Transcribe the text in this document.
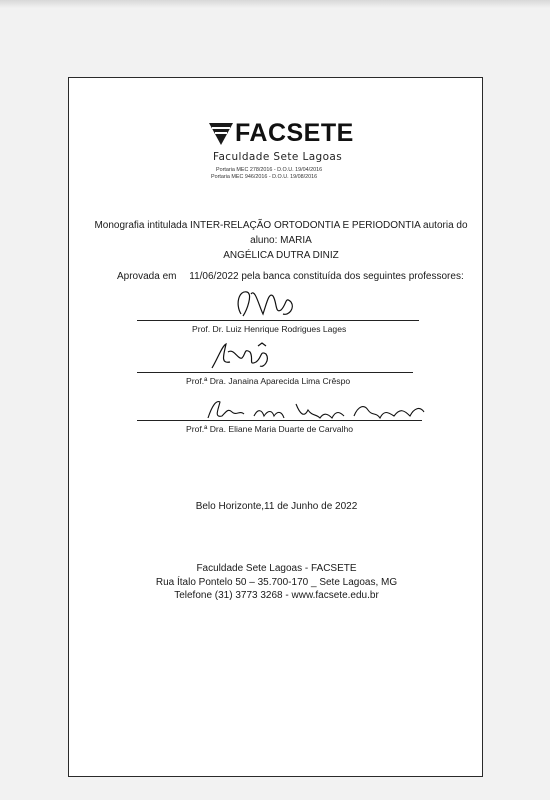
FACSETE
Faculdade Sete Lagoas
Portaria MEC 278/2016 - D.O.U. 19/04/2016
Portaria MEC 946/2016 - D.O.U. 19/08/2016
Monografia intitulada INTER-RELAÇÃO ORTODONTIA E PERIODONTIA autoria do aluno: MARIA
ANGÉLICA DUTRA DINIZ
Aprovada em 11/06/2022 pela banca constituída dos seguintes professores:
Prof. Dr. Luiz Henrique Rodrigues Lages
Prof.ª Dra. Janaina Aparecida Lima Crêspo
Prof.ª Dra. Eliane Maria Duarte de Carvalho
Belo Horizonte,11 de Junho de 2022
Faculdade Sete Lagoas - FACSETE
Rua Ítalo Pontelo 50 – 35.700-170 _ Sete Lagoas, MG
Telefone (31) 3773 3268 - www.facsete.edu.br
